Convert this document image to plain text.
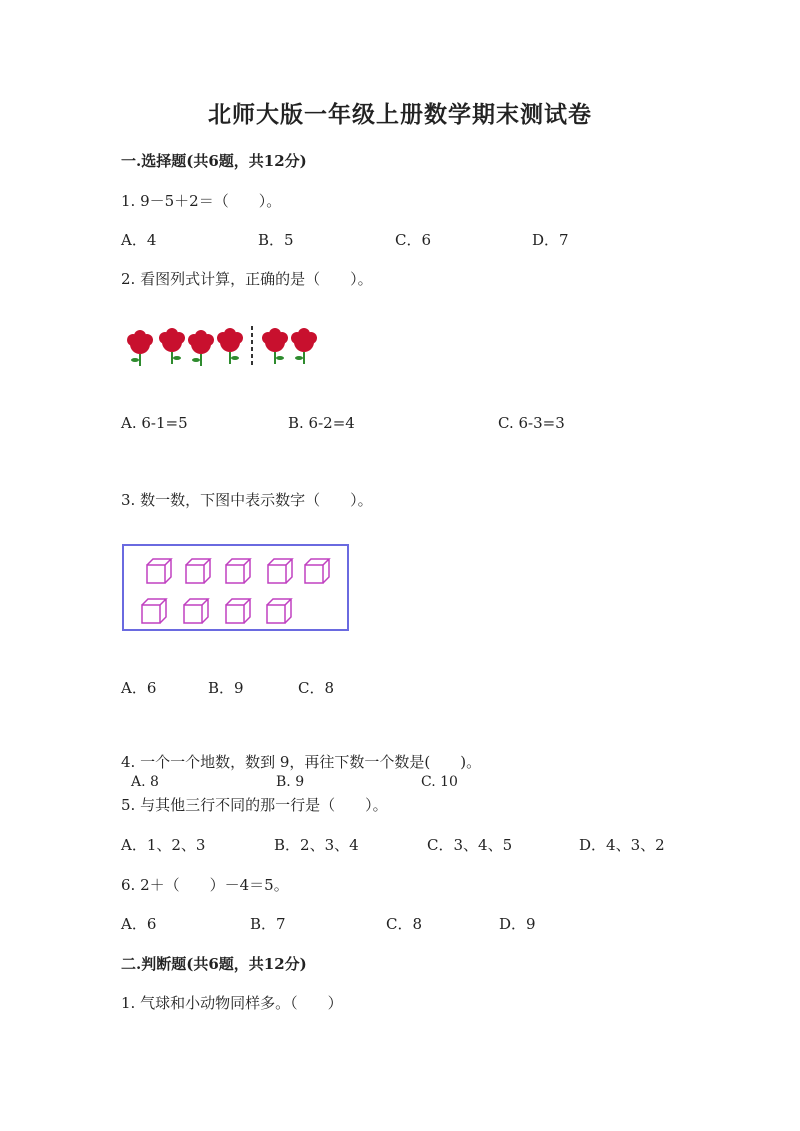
北师大版一年级上册数学期末测试卷
一.选择题(共6题，共12分)
1. 9－5＋2＝（　　）。
A．4	B．5	C．6	D．7
2. 看图列式计算，正确的是（　　）。
A. 6-1=5	B. 6-2=4	C. 6-3=3
3. 数一数，下图中表示数字（　　）。
A．6	B．9	C．8
4. 一个一个地数，数到 9，再往下数一个数是(　　)。
A. 8	B. 9	C. 10
5. 与其他三行不同的那一行是（　　）。
A．1、2、3	B．2、3、4	C．3、4、5	D．4、3、2
6. 2＋（　　）－4＝5。
A．6	B．7	C．8	D．9
二.判断题(共6题，共12分)
1. 气球和小动物同样多。（　　）
